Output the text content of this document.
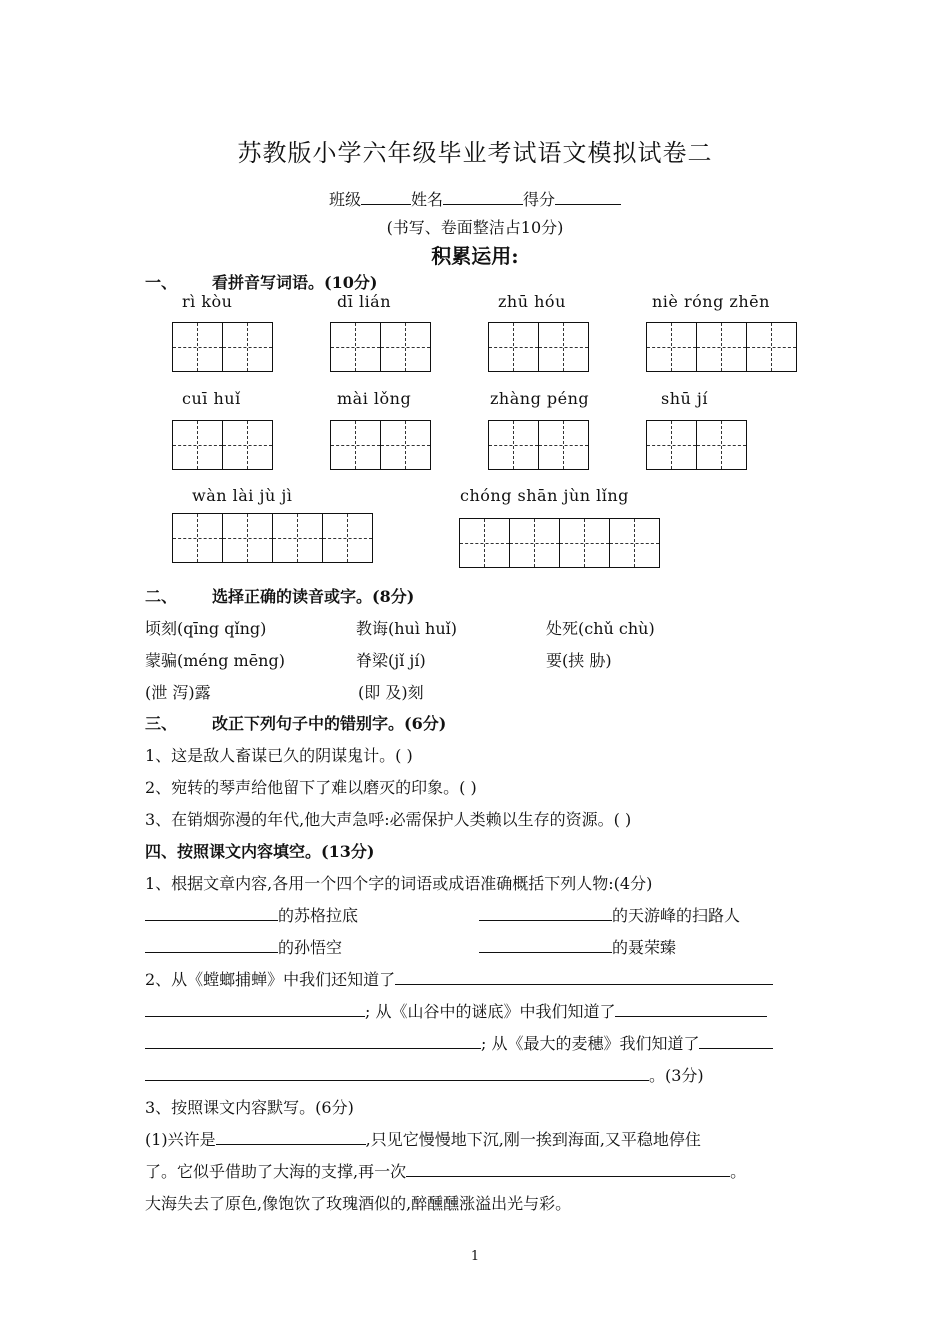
苏教版小学六年级毕业考试语文模拟试卷二
班级	姓名	得分
(书写、卷面整洁占10分)
积累运用:
一、 看拼音写词语。(10分)
rì kòu	dī lián	zhū hóu	niè róng zhēn
cuī huǐ	mài lǒng	zhàng péng	shū jí
wàn lài jù jì	chóng shān jùn lǐng
二、 选择正确的读音或字。(8分)
顷刻(qīng qǐng)	教诲(huì huǐ)	处死(chǔ chù)
蒙骗(méng mēng)	脊梁(jǐ jí)	要(挟 胁)
(泄 泻)露	(即 及)刻
三、 改正下列句子中的错别字。(6分)
1、这是敌人畜谋已久的阴谋鬼计。( )
2、宛转的琴声给他留下了难以磨灭的印象。( )
3、在销烟弥漫的年代,他大声急呼:必需保护人类赖以生存的资源。( )
四、按照课文内容填空。(13分)
1、根据文章内容,各用一个四个字的词语或成语准确概括下列人物:(4分)
的苏格拉底	的天游峰的扫路人
的孙悟空	的聂荣臻
2、从《螳螂捕蝉》中我们还知道了
; 从《山谷中的谜底》中我们知道了
; 从《最大的麦穗》我们知道了
。(3分)
3、按照课文内容默写。(6分)
(1)兴许是	,只见它慢慢地下沉,刚一挨到海面,又平稳地停住
了。它似乎借助了大海的支撑,再一次	。
大海失去了原色,像饱饮了玫瑰酒似的,醉醺醺涨溢出光与彩。
1
